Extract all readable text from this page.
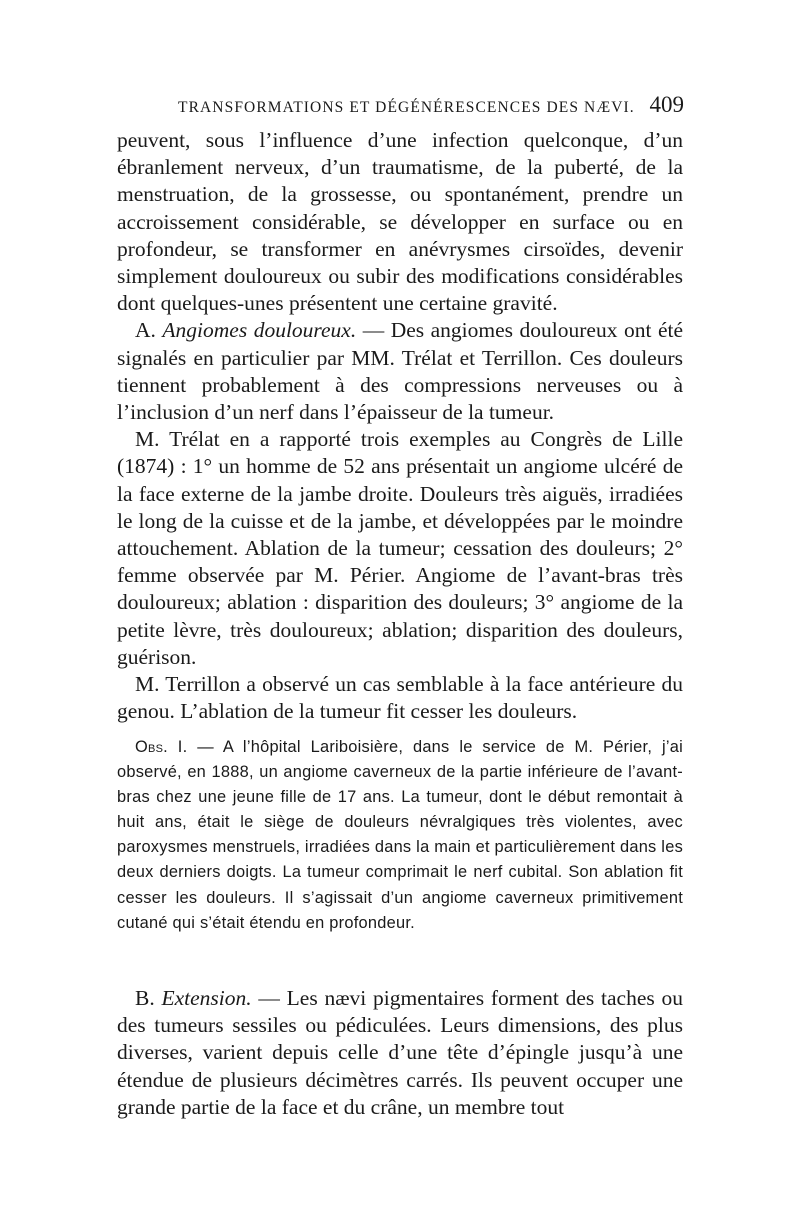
TRANSFORMATIONS ET DÉGÉNÉRESCENCES DES NÆVI. 409

peuvent, sous l’influence d’une infection quelconque, d’un ébranlement nerveux, d’un traumatisme, de la puberté, de la menstruation, de la grossesse, ou spontanément, prendre un accroissement considérable, se développer en surface ou en profondeur, se transformer en anévrysmes cirsoïdes, devenir simplement douloureux ou subir des modifications considérables dont quelques-unes présentent une certaine gravité.

A. Angiomes douloureux. — Des angiomes douloureux ont été signalés en particulier par MM. Trélat et Terrillon. Ces douleurs tiennent probablement à des compressions nerveuses ou à l’inclusion d’un nerf dans l’épaisseur de la tumeur.

M. Trélat en a rapporté trois exemples au Congrès de Lille (1874) : 1° un homme de 52 ans présentait un angiome ulcéré de la face externe de la jambe droite. Douleurs très aiguës, irradiées le long de la cuisse et de la jambe, et développées par le moindre attouchement. Ablation de la tumeur; cessation des douleurs; 2° femme observée par M. Périer. Angiome de l’avant-bras très douloureux; ablation : disparition des douleurs; 3° angiome de la petite lèvre, très douloureux; ablation; disparition des douleurs, guérison.

M. Terrillon a observé un cas semblable à la face antérieure du genou. L’ablation de la tumeur fit cesser les douleurs.

Obs. I. — A l’hôpital Lariboisière, dans le service de M. Périer, j’ai observé, en 1888, un angiome caverneux de la partie inférieure de l’avant-bras chez une jeune fille de 17 ans. La tumeur, dont le début remontait à huit ans, était le siège de douleurs névralgiques très violentes, avec paroxysmes menstruels, irradiées dans la main et particulièrement dans les deux derniers doigts. La tumeur comprimait le nerf cubital. Son ablation fit cesser les douleurs. Il s’agissait d’un angiome caverneux primitivement cutané qui s’était étendu en profondeur.

B. Extension. — Les nævi pigmentaires forment des taches ou des tumeurs sessiles ou pédiculées. Leurs dimensions, des plus diverses, varient depuis celle d’une tête d’épingle jusqu’à une étendue de plusieurs décimètres carrés. Ils peuvent occuper une grande partie de la face et du crâne, un membre tout
